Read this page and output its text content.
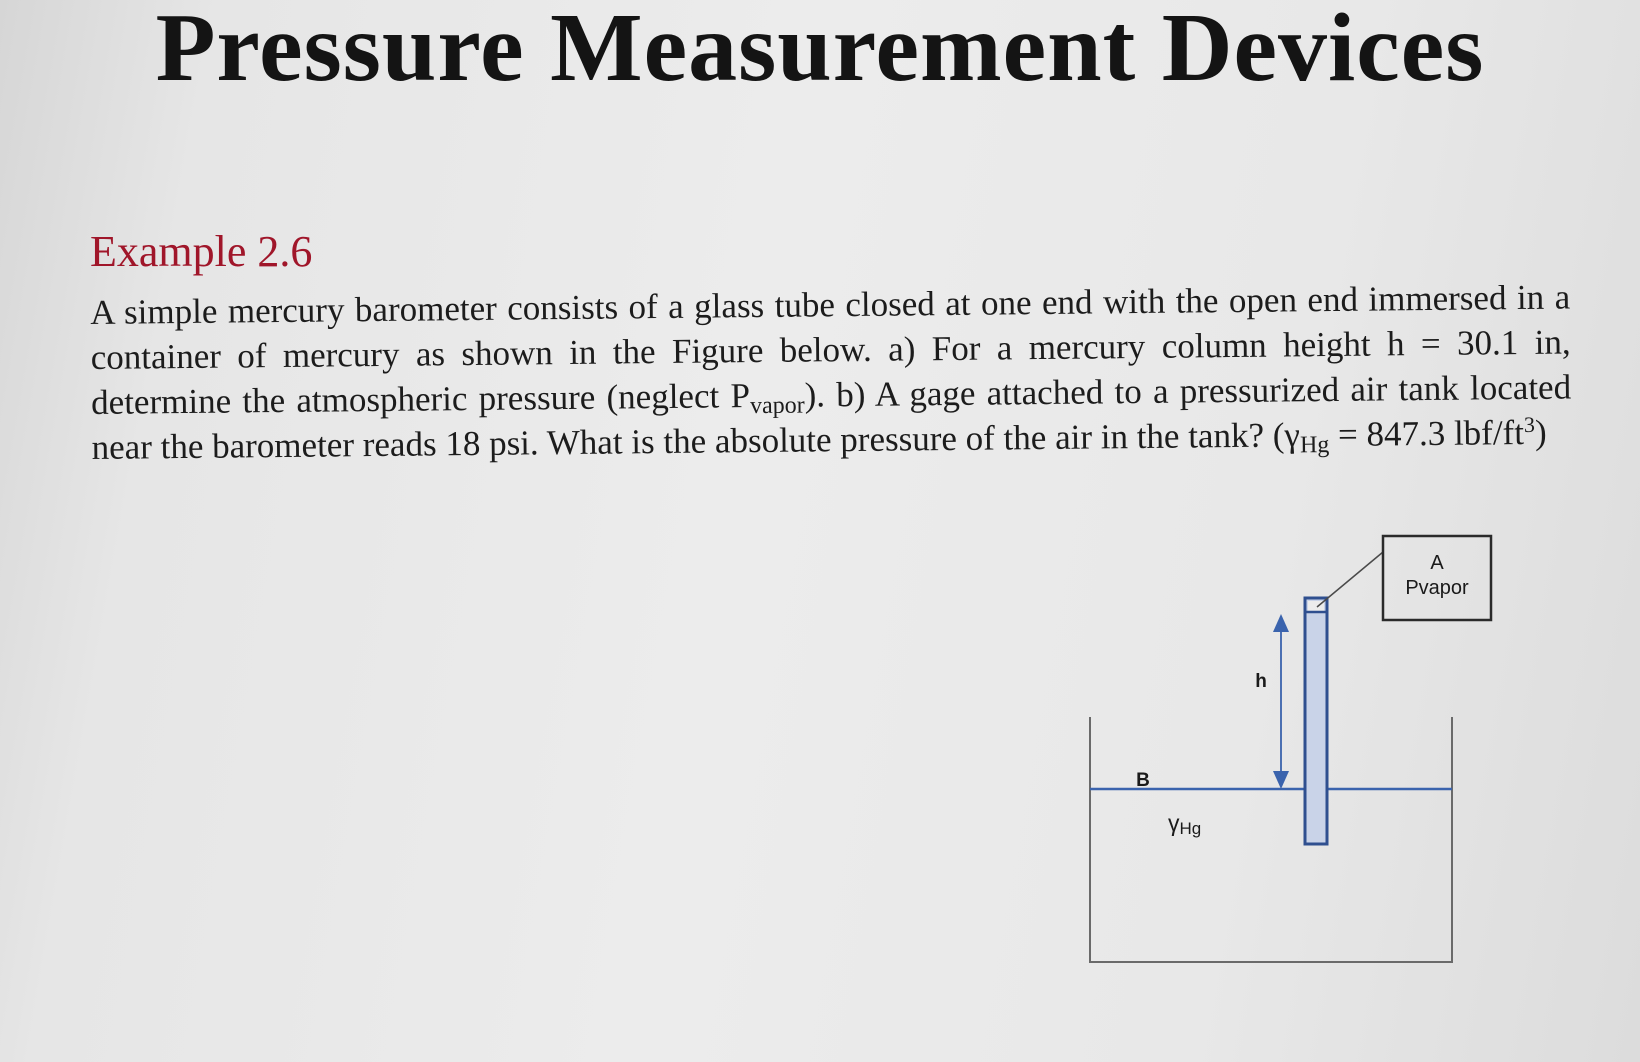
Pressure Measurement Devices
Example 2.6
A simple mercury barometer consists of a glass tube closed at one end with the open end immersed in a container of mercury as shown in the Figure below. a) For a mercury column height h = 30.1 in, determine the atmospheric pressure (neglect $P_{vapor}$). b) A gage attached to a pressurized air tank located near the barometer reads 18 psi. What is the absolute pressure of the air in the tank? ($\gamma_{Hg} = 847.3$ lbf/$ft^3$)
A
Pvapor
h
B
γHg
